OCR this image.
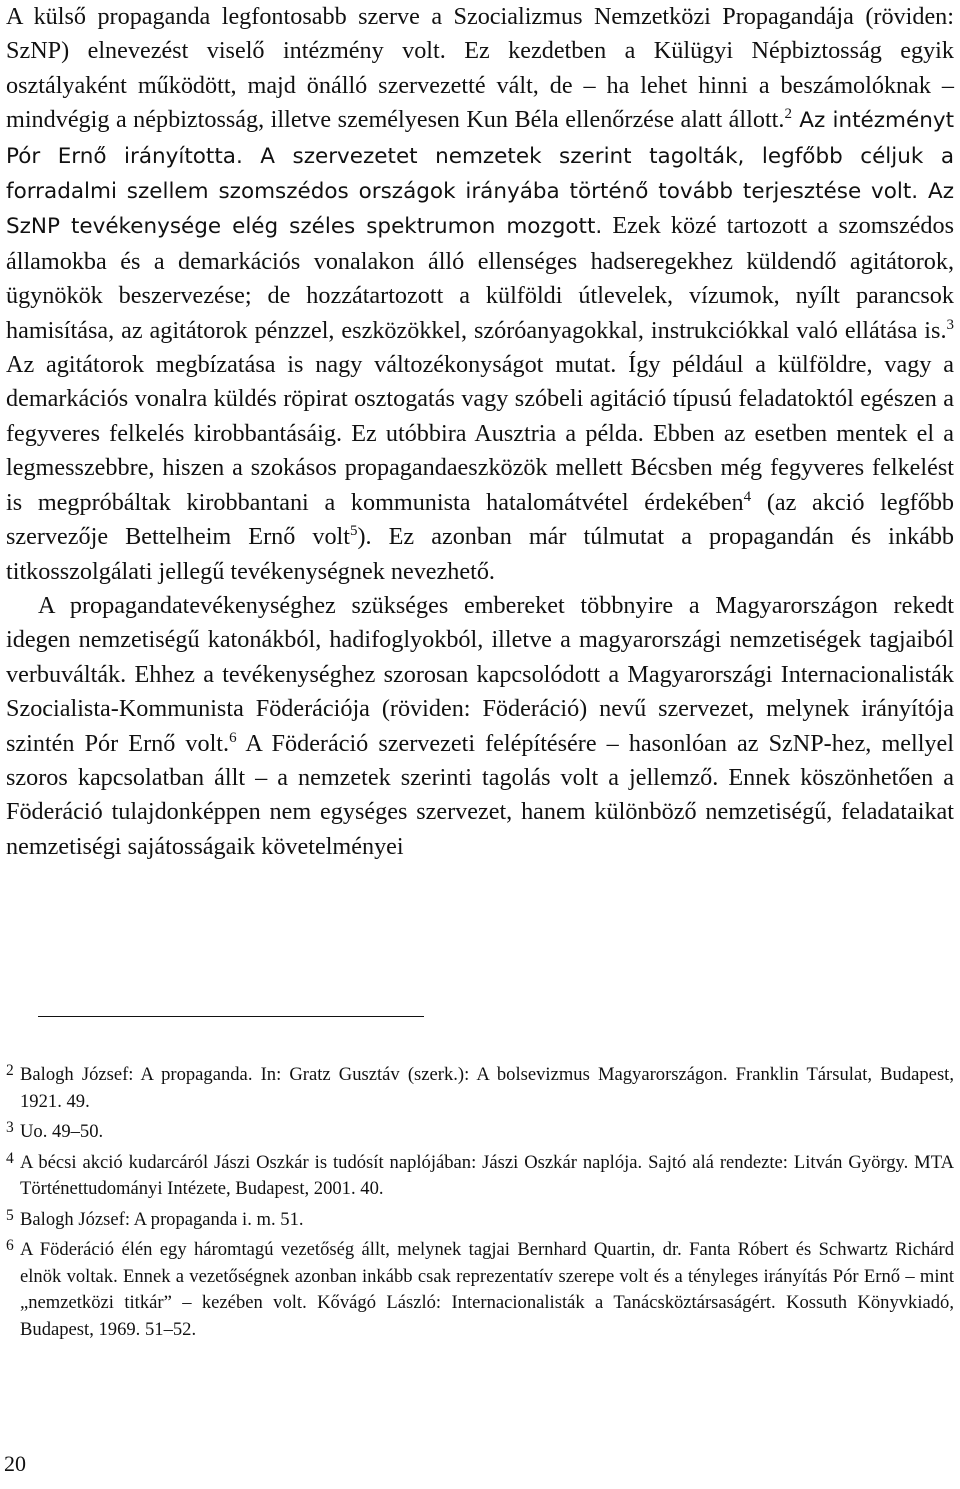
A külső propaganda legfontosabb szerve a Szocializmus Nemzetközi Propagandája (röviden: SzNP) elnevezést viselő intézmény volt. Ez kezdetben a Külügyi Népbiztosság egyik osztályaként működött, majd önálló szervezetté vált, de – ha lehet hinni a beszámolóknak – mindvégig a népbiztosság, illetve személyesen Kun Béla ellenőrzése alatt állott.$^2$ Az intézményt Pór Ernő irányította. A szervezetet nemzetek szerint tagolták, legfőbb céljuk a forradalmi szellem szomszédos országok irányába történő tovább terjesztése volt. Az SzNP tevékenysége elég széles spektrumon mozgott. Ezek közé tartozott a szomszédos államokba és a demarkációs vonalakon álló ellenséges hadseregekhez küldendő agitátorok, ügynökök beszervezése; de hozzátartozott a külföldi útlevelek, vízumok, nyílt parancsok hamisítása, az agitátorok pénzzel, eszközökkel, szóróanyagokkal, instrukciókkal való ellátása is.$^3$ Az agitátorok megbízatása is nagy változékonyságot mutat. Így például a külföldre, vagy a demarkációs vonalra küldés röpirat osztogatás vagy szóbeli agitáció típusú feladatoktól egészen a fegyveres felkelés kirobbantásáig. Ez utóbbira Ausztria a példa. Ebben az esetben mentek el a legmesszebbre, hiszen a szokásos propagandaeszközök mellett Bécsben még fegyveres felkelést is megpróbáltak kirobbantani a kommunista hatalomátvétel érdekében$^4$ (az akció legfőbb szervezője Bettelheim Ernő volt$^5$). Ez azonban már túlmutat a propagandán és inkább titkosszolgálati jellegű tevékenységnek nevezhető.

A propagandatevékenységhez szükséges embereket többnyire a Magyarországon rekedt idegen nemzetiségű katonákból, hadifoglyokból, illetve a magyarországi nemzetiségek tagjaiból verbuválták. Ehhez a tevékenységhez szorosan kapcsolódott a Magyarországi Internacionalisták Szocialista-Kommunista Föderációja (röviden: Föderáció) nevű szervezet, melynek irányítója szintén Pór Ernő volt.$^6$ A Föderáció szervezeti felépítésére – hasonlóan az SzNP-hez, mellyel szoros kapcsolatban állt – a nemzetek szerinti tagolás volt a jellemző. Ennek köszönhetően a Föderáció tulajdonképpen nem egységes szervezet, hanem különböző nemzetiségű, feladataikat nemzetiségi sajátosságaik követelményei

2 Balogh József: A propaganda. In: Gratz Gusztáv (szerk.): A bolsevizmus Magyarországon. Franklin Társulat, Budapest, 1921. 49.
3 Uo. 49–50.
4 A bécsi akció kudarcáról Jászi Oszkár is tudósít naplójában: Jászi Oszkár naplója. Sajtó alá rendezte: Litván György. MTA Történettudományi Intézete, Budapest, 2001. 40.
5 Balogh József: A propaganda i. m. 51.
6 A Föderáció élén egy háromtagú vezetőség állt, melynek tagjai Bernhard Quartin, dr. Fanta Róbert és Schwartz Richárd elnök voltak. Ennek a vezetőségnek azonban inkább csak reprezentatív szerepe volt és a tényleges irányítás Pór Ernő – mint „nemzetközi titkár” – kezében volt. Kővágó László: Internacionalisták a Tanácsköztársaságért. Kossuth Könyvkiadó, Budapest, 1969. 51–52.
20
